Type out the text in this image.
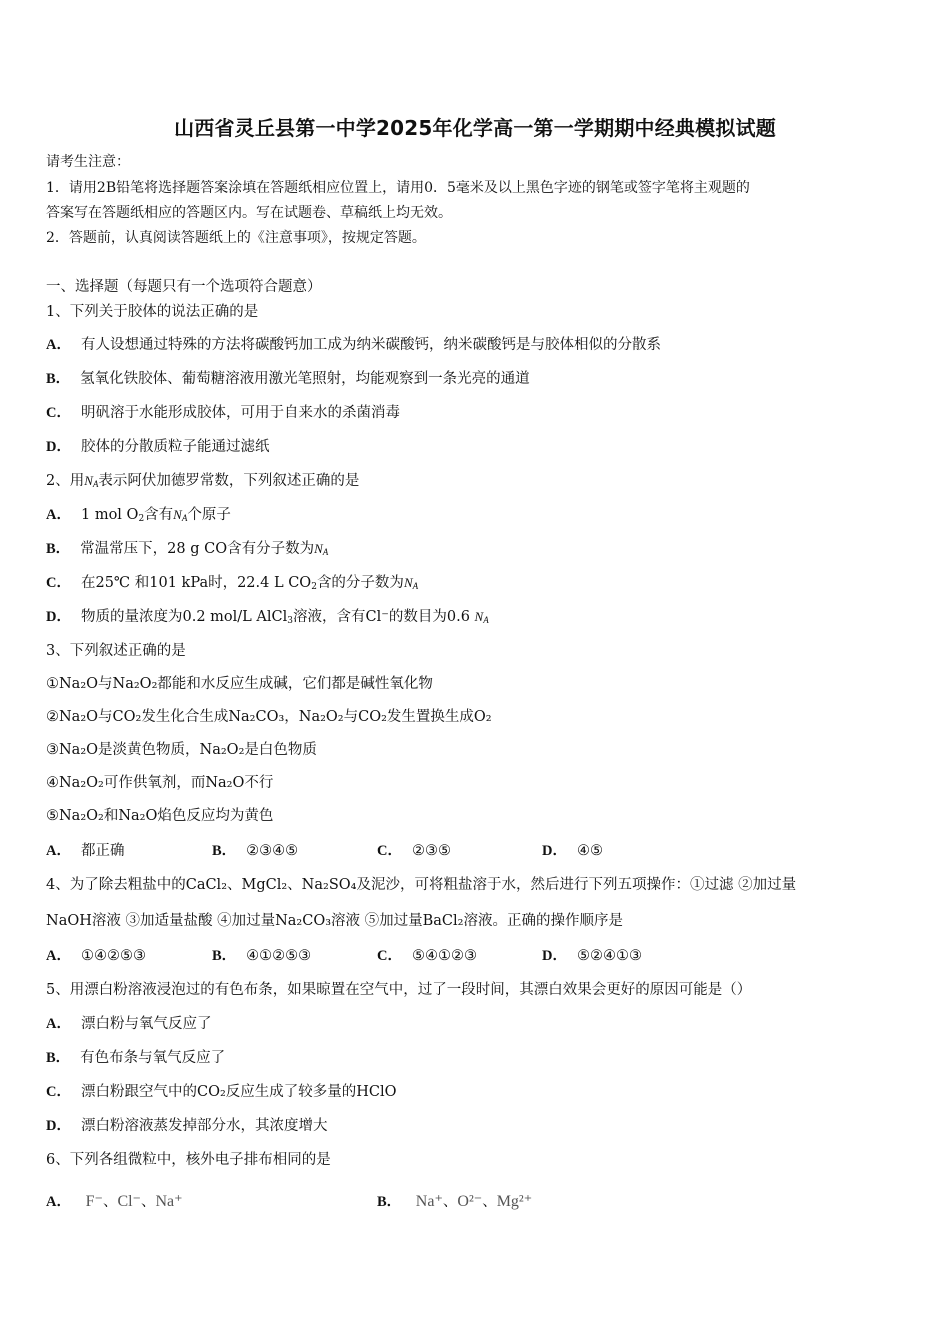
山西省灵丘县第一中学2025年化学高一第一学期期中经典模拟试题
请考生注意：
1．请用2B铅笔将选择题答案涂填在答题纸相应位置上，请用0．5毫米及以上黑色字迹的钢笔或签字笔将主观题的
答案写在答题纸相应的答题区内。写在试题卷、草稿纸上均无效。
2．答题前，认真阅读答题纸上的《注意事项》，按规定答题。
一、选择题（每题只有一个选项符合题意）
1、下列关于胶体的说法正确的是
A． 有人设想通过特殊的方法将碳酸钙加工成为纳米碳酸钙，纳米碳酸钙是与胶体相似的分散系
B． 氢氧化铁胶体、葡萄糖溶液用激光笔照射，均能观察到一条光亮的通道
C． 明矾溶于水能形成胶体，可用于自来水的杀菌消毒
D． 胶体的分散质粒子能通过滤纸
2、用$N_A$表示阿伏加德罗常数，下列叙述正确的是
A． 1 mol $O_2$含有$N_A$个原子
B． 常温常压下，28 g CO含有分子数为$N_A$
C． 在25℃ 和101 kPa时，22.4 L $CO_2$含的分子数为$N_A$
D． 物质的量浓度为0.2 mol/L AlCl$_3$溶液，含有Cl⁻的数目为0.6 $N_A$
3、下列叙述正确的是
①Na₂O与Na₂O₂都能和水反应生成碱，它们都是碱性氧化物
②Na₂O与CO₂发生化合生成Na₂CO₃，Na₂O₂与CO₂发生置换生成O₂
③Na₂O是淡黄色物质，Na₂O₂是白色物质
④Na₂O₂可作供氧剂，而Na₂O不行
⑤Na₂O₂和Na₂O焰色反应均为黄色
A． 都正确	B． ②③④⑤	C． ②③⑤	D． ④⑤
4、为了除去粗盐中的CaCl₂、MgCl₂、Na₂SO₄及泥沙，可将粗盐溶于水，然后进行下列五项操作：①过滤 ②加过量
NaOH溶液 ③加适量盐酸 ④加过量Na₂CO₃溶液 ⑤加过量BaCl₂溶液。正确的操作顺序是
A． ①④②⑤③	B． ④①②⑤③	C． ⑤④①②③	D． ⑤②④①③
5、用漂白粉溶液浸泡过的有色布条，如果晾置在空气中，过了一段时间，其漂白效果会更好的原因可能是（）
A． 漂白粉与氧气反应了
B． 有色布条与氧气反应了
C． 漂白粉跟空气中的CO₂反应生成了较多量的HClO
D． 漂白粉溶液蒸发掉部分水，其浓度增大
6、下列各组微粒中，核外电子排布相同的是
A． F⁻、Cl⁻、Na⁺	B． Na⁺、O²⁻、Mg²⁺
